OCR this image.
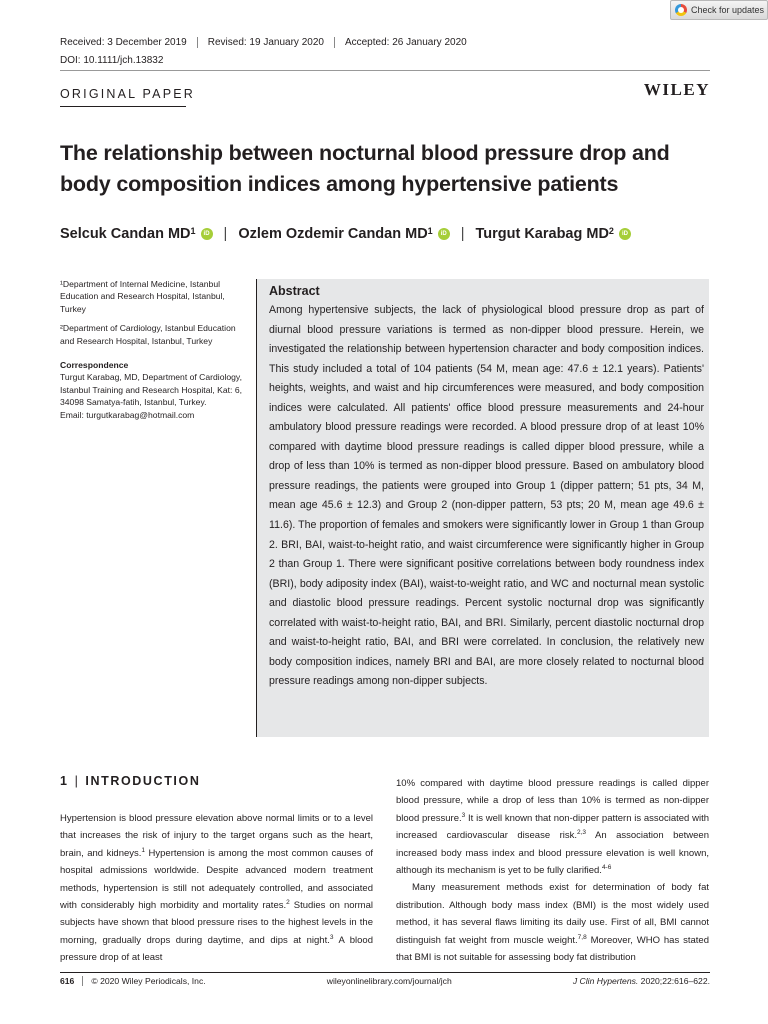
Check for updates
Received: 3 December 2019	Revised: 19 January 2020	Accepted: 26 January 2020
DOI: 10.1111/jch.13832
ORIGINAL PAPER	WILEY
The relationship between nocturnal blood pressure drop and body composition indices among hypertensive patients
Selcuk Candan $MD^1$	iD | Ozlem Ozdemir Candan $MD^1$	iD | Turgut Karabag $MD^2$	iD

¹Department of Internal Medicine, Istanbul Education and Research Hospital, Istanbul, Turkey

²Department of Cardiology, Istanbul Education and Research Hospital, Istanbul, Turkey

Correspondence
Turgut Karabag, MD, Department of Cardiology, Istanbul Training and Research Hospital, Kat: 6, 34098 Samatya-fatih, Istanbul, Turkey.
Email: turgutkarabag@hotmail.com

Abstract

Among hypertensive subjects, the lack of physiological blood pressure drop as part of diurnal blood pressure variations is termed as non-dipper blood pressure. Herein, we investigated the relationship between hypertension character and body composition indices. This study included a total of 104 patients (54 M, mean age: 47.6 ± 12.1 years). Patients' heights, weights, and waist and hip circumferences were measured, and body composition indices were calculated. All patients' office blood pressure measurements and 24-hour ambulatory blood pressure readings were recorded. A blood pressure drop of at least 10% compared with daytime blood pressure readings is called dipper blood pressure, while a drop of less than 10% is termed as non-dipper blood pressure. Based on ambulatory blood pressure readings, the patients were grouped into Group 1 (dipper pattern; 51 pts, 34 M, mean age 45.6 ± 12.3) and Group 2 (non-dipper pattern, 53 pts; 20 M, mean age 49.6 ± 11.6). The proportion of females and smokers were significantly lower in Group 1 than Group 2. BRI, BAI, waist-to-height ratio, and waist circumference were significantly higher in Group 2 than Group 1. There were significant positive correlations between body roundness index (BRI), body adiposity index (BAI), waist-to-weight ratio, and WC and nocturnal mean systolic and diastolic blood pressure readings. Percent systolic nocturnal drop was significantly correlated with waist-to-height ratio, BAI, and BRI. Similarly, percent diastolic nocturnal drop and waist-to-height ratio, BAI, and BRI were correlated. In conclusion, the relatively new body composition indices, namely BRI and BAI, are more closely related to nocturnal blood pressure readings among non-dipper subjects.

1 | INTRODUCTION

Hypertension is blood pressure elevation above normal limits or to a level that increases the risk of injury to the target organs such as the heart, brain, and kidneys.$^1$ Hypertension is among the most common causes of hospital admissions worldwide. Despite advanced modern treatment methods, hypertension is still not adequately controlled, and associated with considerably high morbidity and mortality rates.$^2$ Studies on normal subjects have shown that blood pressure rises to the highest levels in the morning, gradually drops during daytime, and dips at night.$^3$ A blood pressure drop of at least

10% compared with daytime blood pressure readings is called dipper blood pressure, while a drop of less than 10% is termed as non-dipper blood pressure.$^3$ It is well known that non-dipper pattern is associated with increased cardiovascular disease risk.$^{2,3}$ An association between increased body mass index and blood pressure elevation is well known, although its mechanism is yet to be fully clarified.$^{4-6}$

Many measurement methods exist for determination of body fat distribution. Although body mass index (BMI) is the most widely used method, it has several flaws limiting its daily use. First of all, BMI cannot distinguish fat weight from muscle weight.$^{7,8}$ Moreover, WHO has stated that BMI is not suitable for assessing body fat distribution

616	© 2020 Wiley Periodicals, Inc.	wileyonlinelibrary.com/journal/jch	J Clin Hypertens. 2020;22:616–622.
